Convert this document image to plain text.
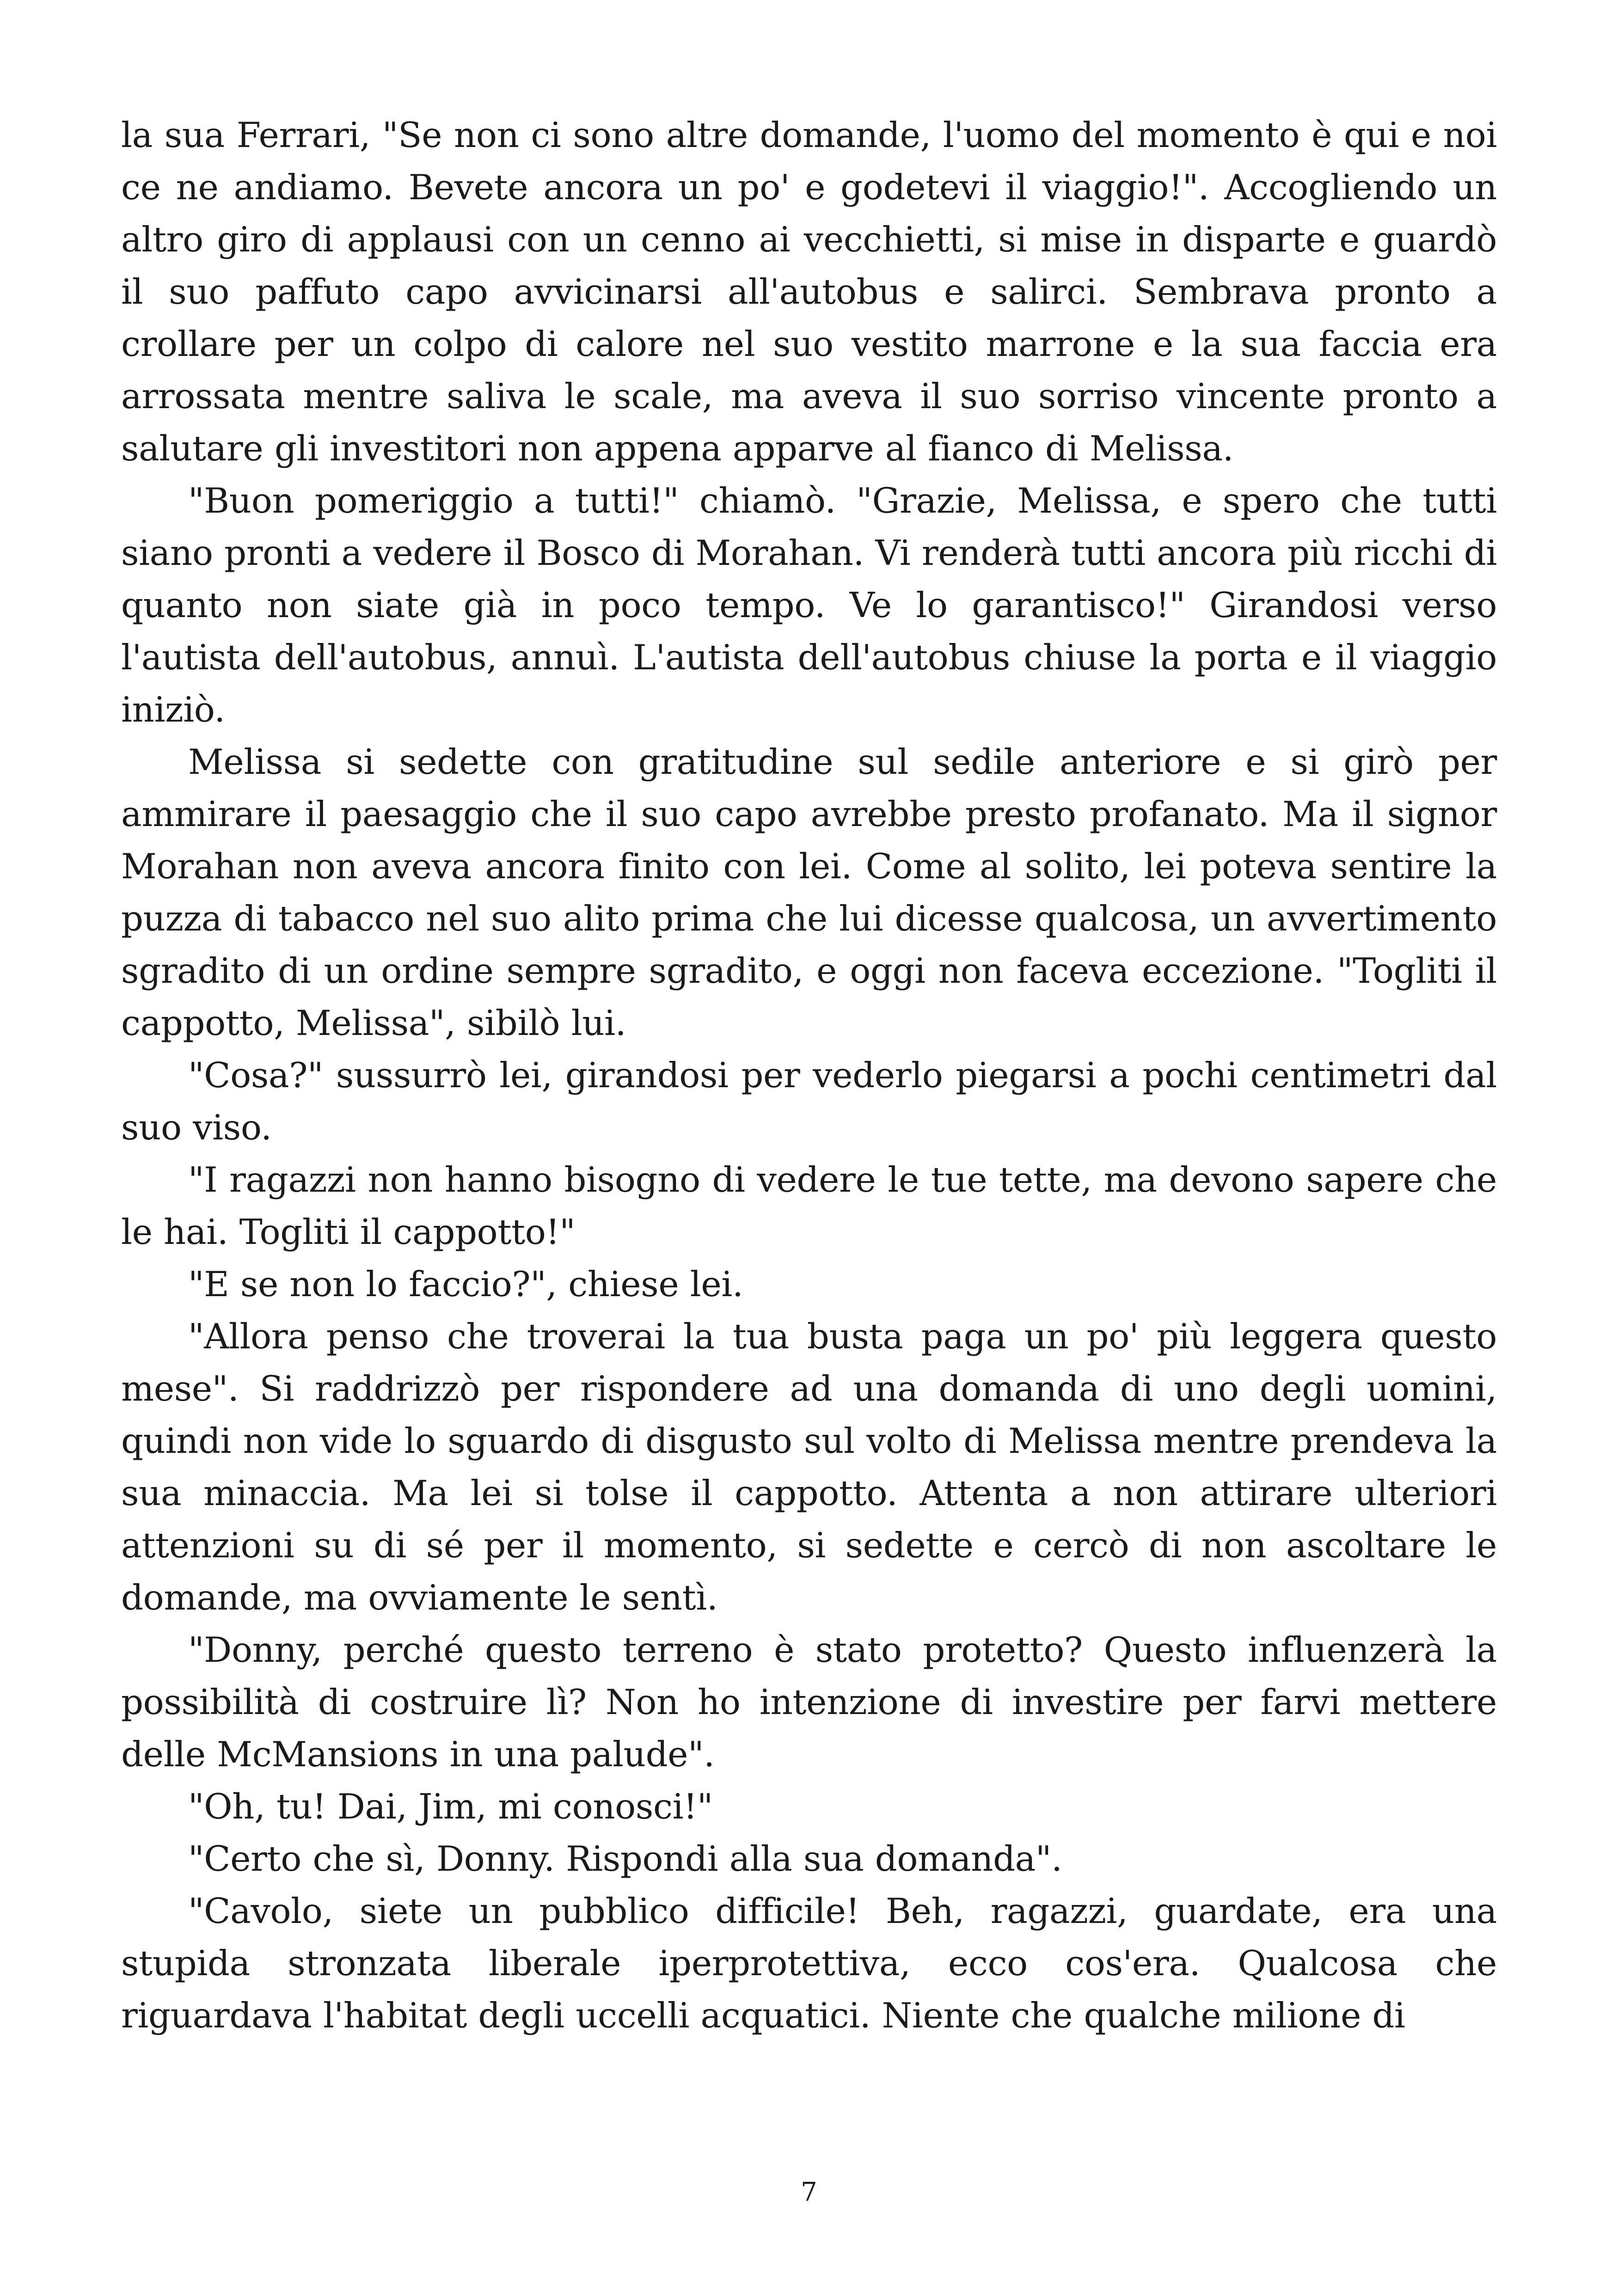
la sua Ferrari, "Se non ci sono altre domande, l'uomo del momento è qui e noi ce ne andiamo. Bevete ancora un po' e godetevi il viaggio!". Accogliendo un altro giro di applausi con un cenno ai vecchietti, si mise in disparte e guardò il suo paffuto capo avvicinarsi all'autobus e salirci. Sembrava pronto a crollare per un colpo di calore nel suo vestito marrone e la sua faccia era arrossata mentre saliva le scale, ma aveva il suo sorriso vincente pronto a salutare gli investitori non appena apparve al fianco di Melissa.

"Buon pomeriggio a tutti!" chiamò. "Grazie, Melissa, e spero che tutti siano pronti a vedere il Bosco di Morahan. Vi renderà tutti ancora più ricchi di quanto non siate già in poco tempo. Ve lo garantisco!" Girandosi verso l'autista dell'autobus, annuì. L'autista dell'autobus chiuse la porta e il viaggio iniziò.

Melissa si sedette con gratitudine sul sedile anteriore e si girò per ammirare il paesaggio che il suo capo avrebbe presto profanato. Ma il signor Morahan non aveva ancora finito con lei. Come al solito, lei poteva sentire la puzza di tabacco nel suo alito prima che lui dicesse qualcosa, un avvertimento sgradito di un ordine sempre sgradito, e oggi non faceva eccezione. "Togliti il cappotto, Melissa", sibilò lui.

"Cosa?" sussurrò lei, girandosi per vederlo piegarsi a pochi centimetri dal suo viso.

"I ragazzi non hanno bisogno di vedere le tue tette, ma devono sapere che le hai. Togliti il cappotto!"

"E se non lo faccio?", chiese lei.

"Allora penso che troverai la tua busta paga un po' più leggera questo mese". Si raddrizzò per rispondere ad una domanda di uno degli uomini, quindi non vide lo sguardo di disgusto sul volto di Melissa mentre prendeva la sua minaccia. Ma lei si tolse il cappotto. Attenta a non attirare ulteriori attenzioni su di sé per il momento, si sedette e cercò di non ascoltare le domande, ma ovviamente le sentì.

"Donny, perché questo terreno è stato protetto? Questo influenzerà la possibilità di costruire lì? Non ho intenzione di investire per farvi mettere delle McMansions in una palude".

"Oh, tu! Dai, Jim, mi conosci!"

"Certo che sì, Donny. Rispondi alla sua domanda".

"Cavolo, siete un pubblico difficile! Beh, ragazzi, guardate, era una stupida stronzata liberale iperprotettiva, ecco cos'era. Qualcosa che riguardava l'habitat degli uccelli acquatici. Niente che qualche milione di

7
